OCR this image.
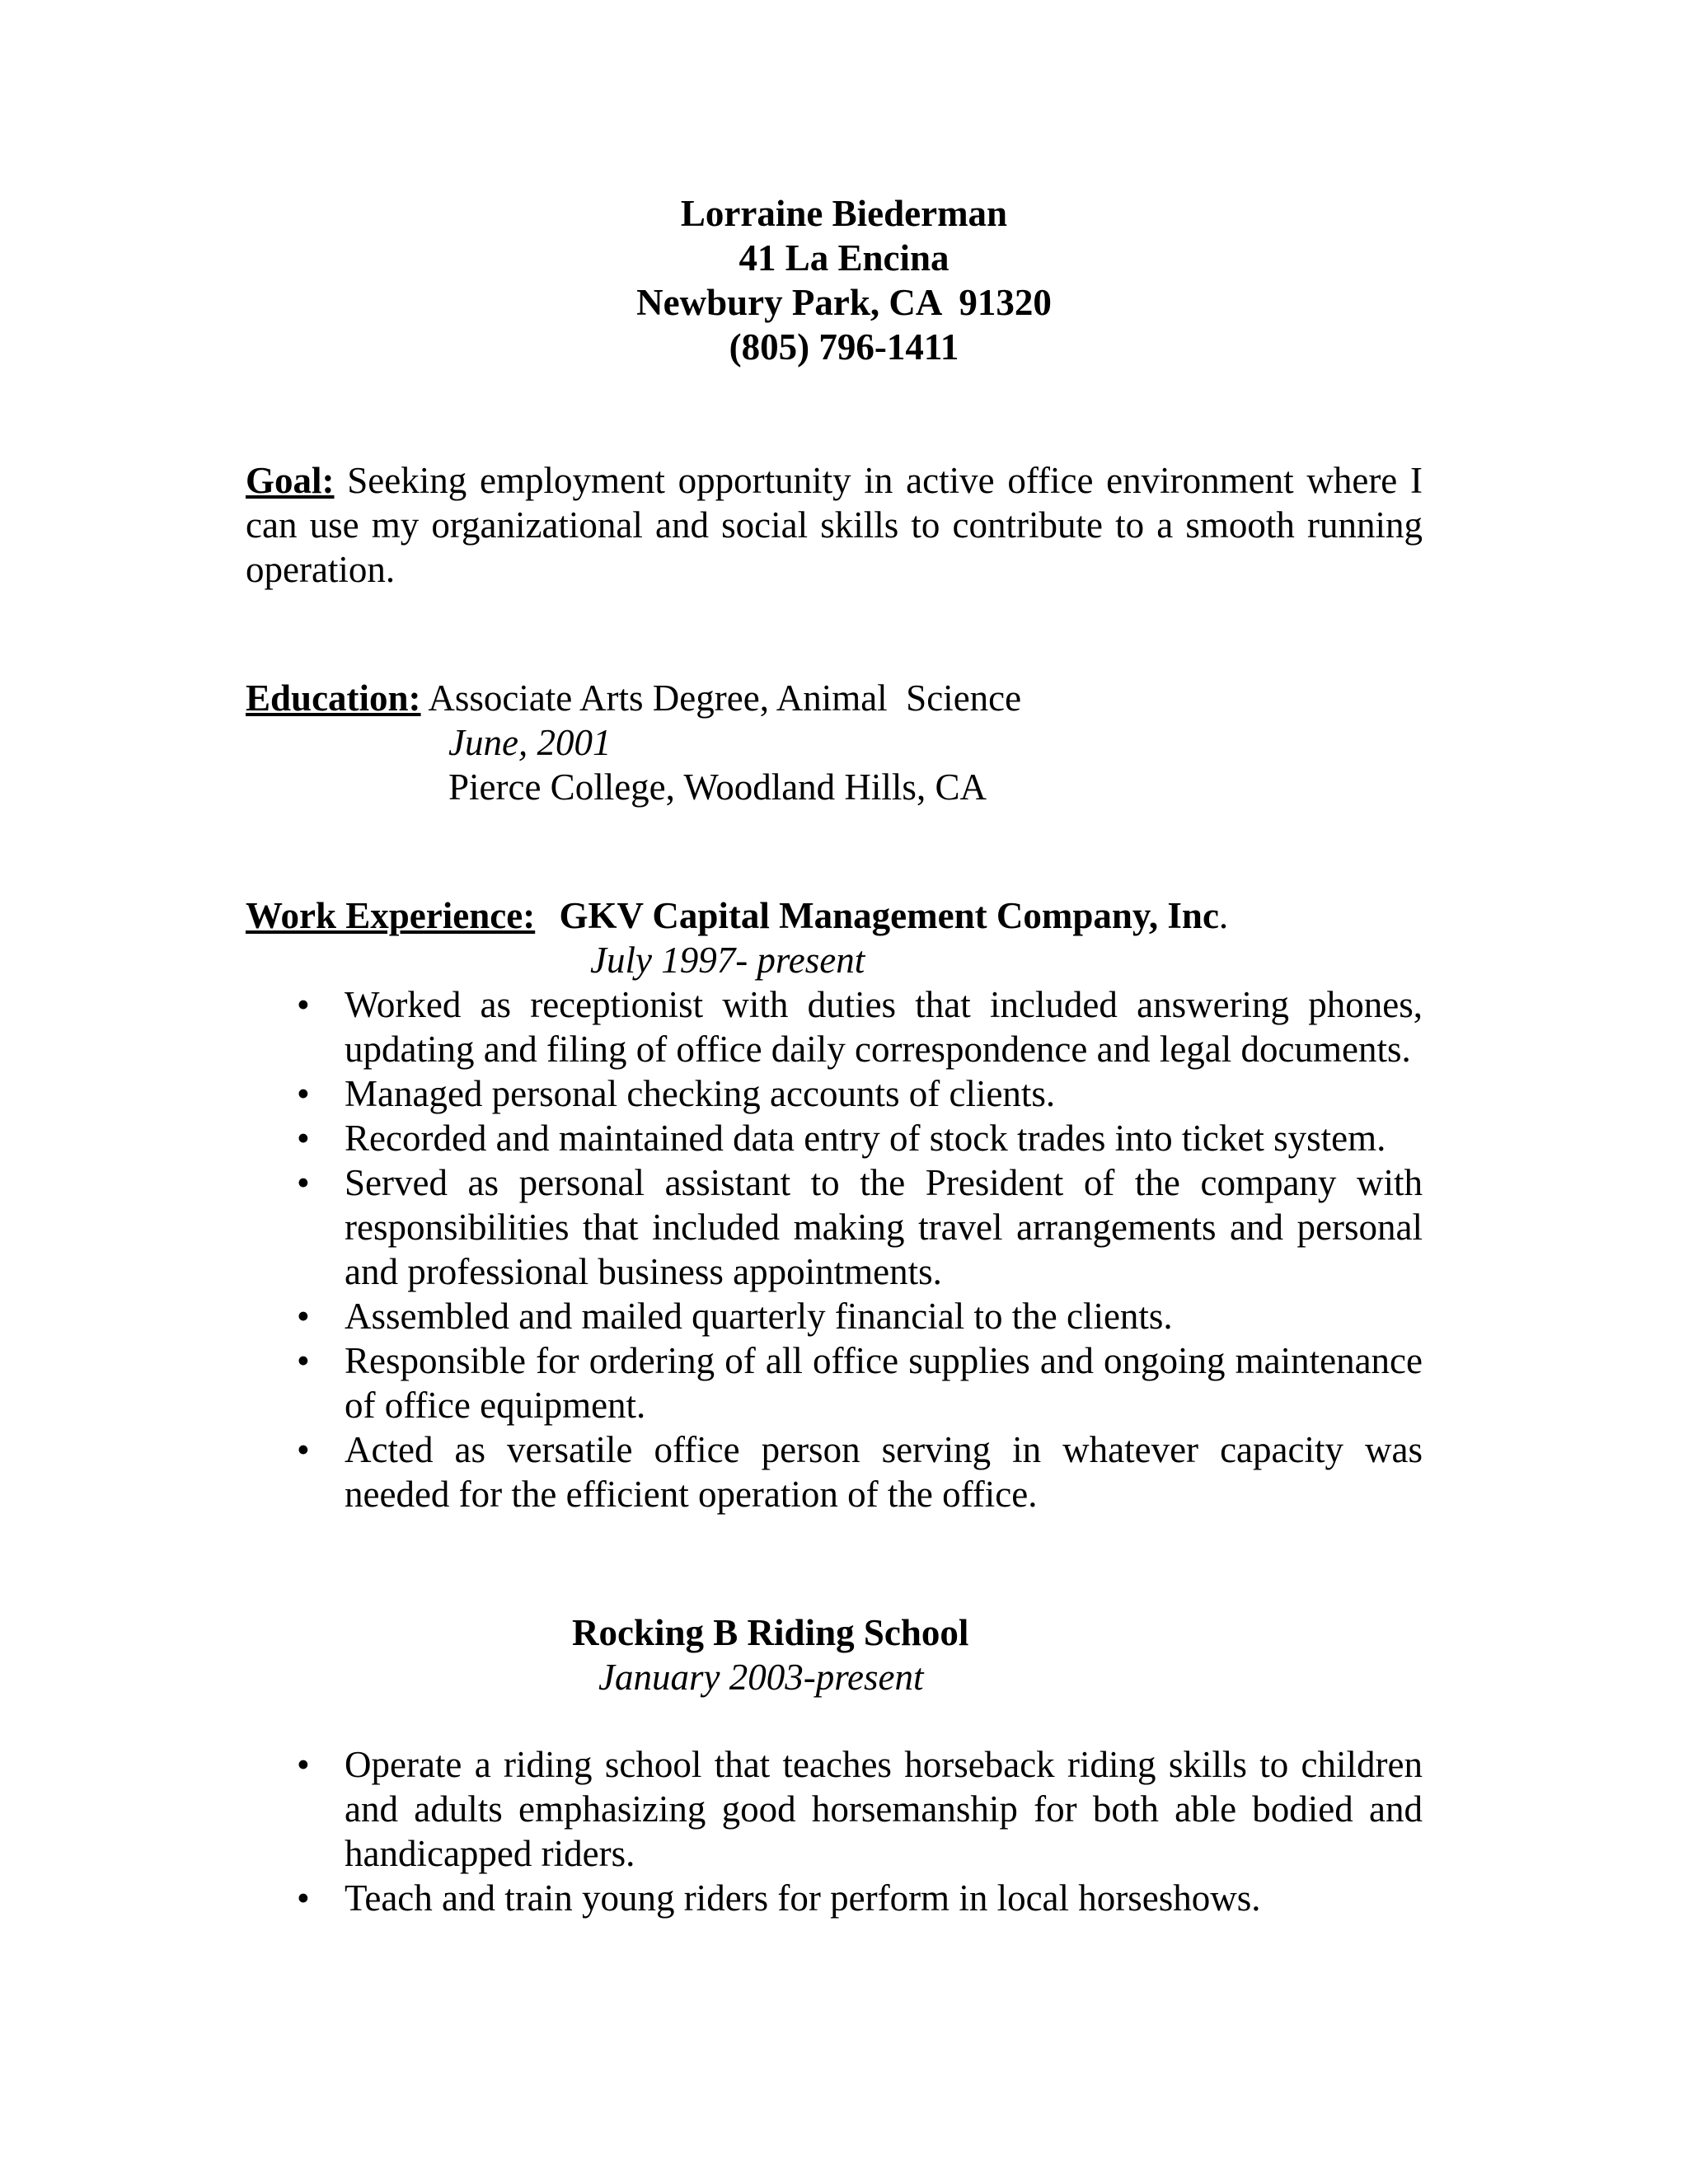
Lorraine Biederman
41 La Encina
Newbury Park, CA  91320
(805) 796-1411
Goal: Seeking employment opportunity in active office environment where I can use my organizational and social skills to contribute to a smooth running operation.
Education: Associate Arts Degree, Animal  Science
June, 2001
Pierce College, Woodland Hills, CA
Work Experience: GKV Capital Management Company, Inc.
July 1997- present
• Worked as receptionist with duties that included answering phones, updating and filing of office daily correspondence and legal documents.
• Managed personal checking accounts of clients.
• Recorded and maintained data entry of stock trades into ticket system.
• Served as personal assistant to the President of the company with responsibilities that included making travel arrangements and personal and professional business appointments.
• Assembled and mailed quarterly financial to the clients.
• Responsible for ordering of all office supplies and ongoing maintenance of office equipment.
• Acted as versatile office person serving in whatever capacity was needed for the efficient operation of the office.
Rocking B Riding School
January 2003-present
• Operate a riding school that teaches horseback riding skills to children and adults emphasizing good horsemanship for both able bodied and handicapped riders.
• Teach and train young riders for perform in local horseshows.
